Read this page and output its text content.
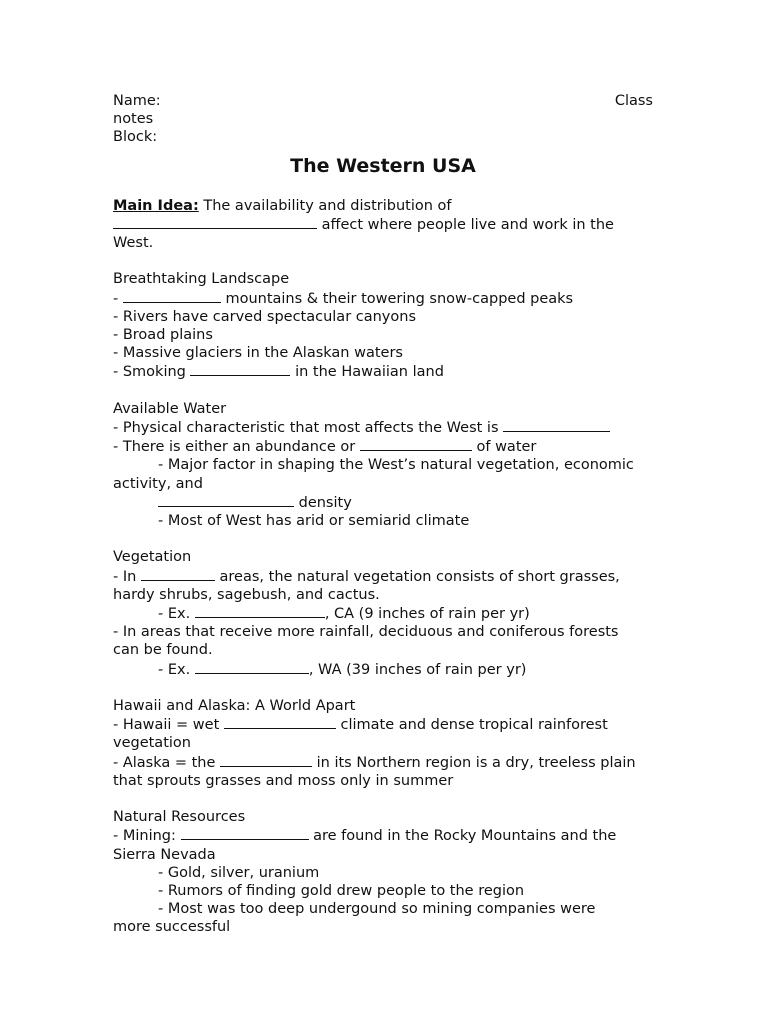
Name:	Class
notes
Block:
The Western USA
Main Idea: The availability and distribution of
affect where people live and work in the
West.
Breathtaking Landscape
-	mountains & their towering snow-capped peaks
- Rivers have carved spectacular canyons
- Broad plains
- Massive glaciers in the Alaskan waters
- Smoking	in the Hawaiian land
Available Water
- Physical characteristic that most affects the West is
- There is either an abundance or	of water
- Major factor in shaping the West’s natural vegetation, economic
activity, and
density
- Most of West has arid or semiarid climate
Vegetation
- In	areas, the natural vegetation consists of short grasses,
hardy shrubs, sagebush, and cactus.
- Ex.	, CA (9 inches of rain per yr)
- In areas that receive more rainfall, deciduous and coniferous forests
can be found.
- Ex.	, WA (39 inches of rain per yr)
Hawaii and Alaska: A World Apart
- Hawaii = wet	climate and dense tropical rainforest
vegetation
- Alaska = the	in its Northern region is a dry, treeless plain
that sprouts grasses and moss only in summer
Natural Resources
- Mining:	are found in the Rocky Mountains and the
Sierra Nevada
- Gold, silver, uranium
- Rumors of finding gold drew people to the region
- Most was too deep undergound so mining companies were
more successful
